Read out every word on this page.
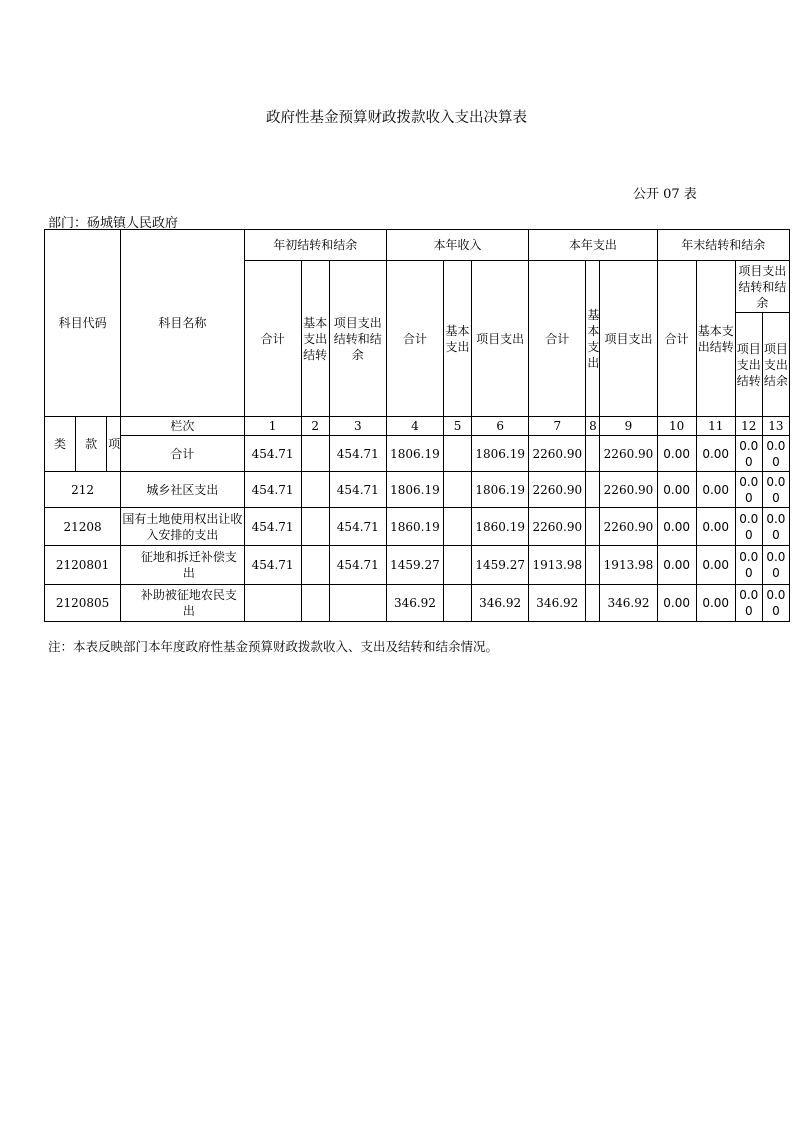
政府性基金预算财政拨款收入支出决算表
公开 07 表
部门：砀城镇人民政府
科目代码			科目名称	年初结转和结余			本年收入			本年支出			年末结转和结余			
				合计	基本支出结转	项目支出结转和结余	合计	基本支出	项目支出	合计	基本支出	项目支出	合计	基本支出结转	项目支出结转和结余	
															项目支出结转	项目支出结余

类	款	项	栏次	1	2	3	4	5	6	7	8	9	10	11	12	13
			合计	454.71		454.71	1806.19		1806.19	2260.90		2260.90	0.00	0.00	0.00	0.00
212			城乡社区支出	454.71		454.71	1806.19		1806.19	2260.90		2260.90	0.00	0.00	0.00	0.00
21208			国有土地使用权出让收入安排的支出	454.71		454.71	1860.19		1860.19	2260.90		2260.90	0.00	0.00	0.00	0.00
2120801			征地和拆迁补偿支出	454.71		454.71	1459.27		1459.27	1913.98		1913.98	0.00	0.00	0.00	0.00
2120805			补助被征地农民支出				346.92		346.92	346.92		346.92	0.00	0.00	0.00	0.00
注：本表反映部门本年度政府性基金预算财政拨款收入、支出及结转和结余情况。
